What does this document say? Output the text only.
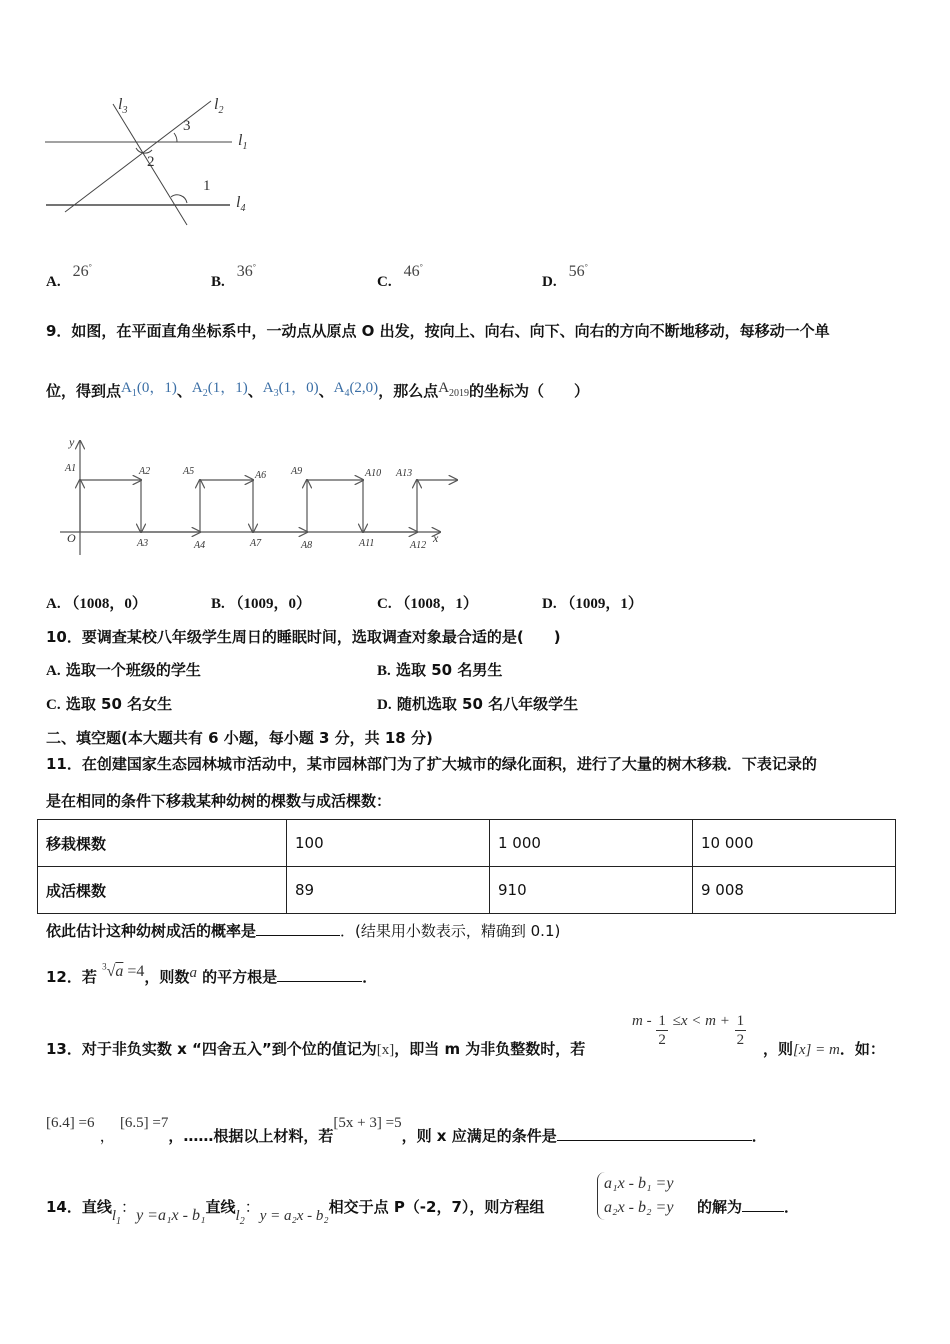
$l_3$	$l_2$
$l_1$
$l_4$
3
2
1
A.26°
B.36°
C.46°
D.56°
9．如图，在平面直角坐标系中，一动点从原点 O 出发，按向上、向右、向下、向右的方向不断地移动，每移动一个单
位，得到点$A_1(0$，1)、$A_2(1$，1)、$A_3(1$，0)、$A_4(2,0)$，那么点$A_{2019}$的坐标为（　　）
y
x
O
A1	A2	A5	A6 A9	A10 A13
A3	A4	A7	A8	A11	A12
A. （1008，0）	B. （1009，0）	C. （1008，1）	D. （1009，1）
10．要调查某校八年级学生周日的睡眠时间，选取调查对象最合适的是(　　)
A. 选取一个班级的学生	B. 选取 50 名男生
C. 选取 50 名女生	D. 随机选取 50 名八年级学生
二、填空题(本大题共有 6 小题，每小题 3 分，共 18 分)
11．在创建国家生态园林城市活动中，某市园林部门为了扩大城市的绿化面积，进行了大量的树木移栽．下表记录的
是在相同的条件下移栽某种幼树的棵数与成活棵数：
移栽棵数	100	1 000	10 000
成活棵数	89	910	9 008
依此估计这种幼树成活的概率是	．(结果用小数表示，精确到 0.1)
12．若 $^3$√a =4，则数a 的平方根是	．
13．对于非负实数 x “四舍五入”到个位的值记为[x]，即当 m 为非负整数时，若
$m - \frac{1}{2} \le x < m + \frac{1}{2}$ ，则[x] = m．如：
[6.4] =6 ， [6.5] =7，……根据以上材料，若[5x + 3] =5，则 x 应满足的条件是	．
14．直线$l_1$：y =a₁x - b₁直线$l_2$：y = a₂x - b₂相交于点 P（-2，7），则方程组
a₁x - b₁ =y
a₂x - b₂ =y 的解为	．
